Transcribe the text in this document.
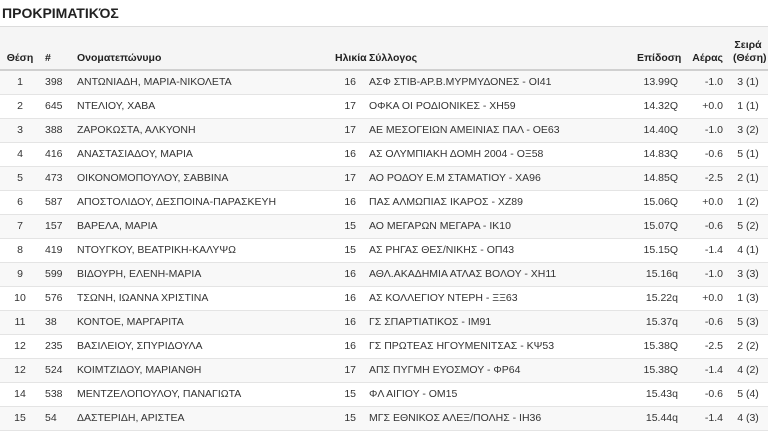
ΠΡΟΚΡΙΜΑΤΙΚΌΣ
Θέση	#	Ονοματεπώνυμο	Ηλικία	Σύλλογος	Επίδοση	Αέρας	Σειρά
(Θέση)
1	398	ΑΝΤΩΝΙΑΔΗ, ΜΑΡΙΑ-ΝΙΚΟΛΕΤΑ	16	ΑΣΦ ΣΤΙΒ-ΑΡ.Β.ΜΥΡΜΥΔΟΝΕΣ - ΟΙ41	13.99Q	-1.0	3 (1)
2	645	ΝΤΕΛΙΟΥ, ΧΑΒΑ	17	ΟΦΚΑ ΟΙ ΡΟΔΙΟΝΙΚΕΣ - ΧΗ59	14.32Q	+0.0	1 (1)
3	388	ΖΑΡΟΚΩΣΤΑ, ΑΛΚΥΟΝΗ	17	ΑΕ ΜΕΣΟΓΕΙΩΝ ΑΜΕΙΝΙΑΣ ΠΑΛ - ΟΕ63	14.40Q	-1.0	3 (2)
4	416	ΑΝΑΣΤΑΣΙΑΔΟΥ, ΜΑΡΙΑ	16	ΑΣ ΟΛΥΜΠΙΑΚΗ ΔΟΜΗ 2004 - ΟΞ58	14.83Q	-0.6	5 (1)
5	473	ΟΙΚΟΝΟΜΟΠΟΥΛΟΥ, ΣΑΒΒΙΝΑ	17	ΑΟ ΡΟΔΟΥ Ε.Μ ΣΤΑΜΑΤΙΟΥ - ΧΑ96	14.85Q	-2.5	2 (1)
6	587	ΑΠΟΣΤΟΛΙΔΟΥ, ΔΕΣΠΟΙΝΑ-ΠΑΡΑΣΚΕΥΗ	16	ΠΑΣ ΑΛΜΩΠΙΑΣ ΙΚΑΡΟΣ - ΧΖ89	15.06Q	+0.0	1 (2)
7	157	ΒΑΡΕΛΑ, ΜΑΡΙΑ	15	ΑΟ ΜΕΓΑΡΩΝ ΜΕΓΑΡΑ - ΙΚ10	15.07Q	-0.6	5 (2)
8	419	ΝΤΟΥΓΚΟΥ, ΒΕΑΤΡΙΚΗ-ΚΑΛΥΨΩ	15	ΑΣ ΡΗΓΑΣ ΘΕΣ/ΝΙΚΗΣ - ΟΠ43	15.15Q	-1.4	4 (1)
9	599	ΒΙΔΟΥΡΗ, ΕΛΕΝΗ-ΜΑΡΙΑ	16	ΑΘΛ.ΑΚΑΔΗΜΙΑ ΑΤΛΑΣ ΒΟΛΟΥ - ΧΗ11	15.16q	-1.0	3 (3)
10	576	ΤΣΩΝΗ, ΙΩΑΝΝΑ ΧΡΙΣΤΙΝΑ	16	ΑΣ ΚΟΛΛΕΓΙΟΥ ΝΤΕΡΗ - ΞΞ63	15.22q	+0.0	1 (3)
11	38	ΚΟΝΤΟΕ, ΜΑΡΓΑΡΙΤΑ	16	ΓΣ ΣΠΑΡΤΙΑΤΙΚΟΣ - ΙΜ91	15.37q	-0.6	5 (3)
12	235	ΒΑΣΙΛΕΙΟΥ, ΣΠΥΡΙΔΟΥΛΑ	16	ΓΣ ΠΡΩΤΕΑΣ ΗΓΟΥΜΕΝΙΤΣΑΣ - ΚΨ53	15.38Q	-2.5	2 (2)
12	524	ΚΟΙΜΤΖΙΔΟΥ, ΜΑΡΙΑΝΘΗ	17	ΑΠΣ ΠΥΓΜΗ ΕΥΟΣΜΟΥ - ΦΡ64	15.38Q	-1.4	4 (2)
14	538	ΜΕΝΤΖΕΛΟΠΟΥΛΟΥ, ΠΑΝΑΓΙΩΤΑ	15	ΦΛ ΑΙΓΙΟΥ - ΟΜ15	15.43q	-0.6	5 (4)
15	54	ΔΑΣΤΕΡΙΔΗ, ΑΡΙΣΤΕΑ	15	ΜΓΣ ΕΘΝΙΚΟΣ ΑΛΕΞ/ΠΟΛΗΣ - ΙΗ36	15.44q	-1.4	4 (3)
